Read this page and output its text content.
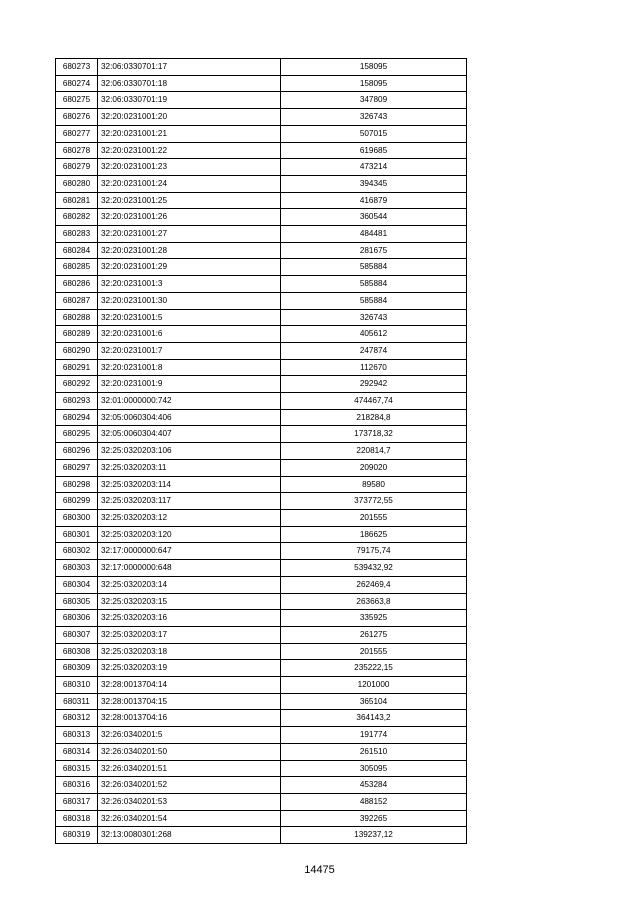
680273	32:06:0330701:17	158095
680274	32:06:0330701:18	158095
680275	32:06:0330701:19	347809
680276	32:20:0231001:20	326743
680277	32:20:0231001:21	507015
680278	32:20:0231001:22	619685
680279	32:20:0231001:23	473214
680280	32:20:0231001:24	394345
680281	32:20:0231001:25	416879
680282	32:20:0231001:26	360544
680283	32:20:0231001:27	484481
680284	32:20:0231001:28	281675
680285	32:20:0231001:29	585884
680286	32:20:0231001:3	585884
680287	32:20:0231001:30	585884
680288	32:20:0231001:5	326743
680289	32:20:0231001:6	405612
680290	32:20:0231001:7	247874
680291	32:20:0231001:8	112670
680292	32:20:0231001:9	292942
680293	32:01:0000000:742	474467,74
680294	32:05:0060304:406	218284,8
680295	32:05:0060304:407	173718,32
680296	32:25:0320203:106	220814,7
680297	32:25:0320203:11	209020
680298	32:25:0320203:114	89580
680299	32:25:0320203:117	373772,55
680300	32:25:0320203:12	201555
680301	32:25:0320203:120	186625
680302	32:17:0000000:647	79175,74
680303	32:17:0000000:648	539432,92
680304	32:25:0320203:14	262469,4
680305	32:25:0320203:15	263663,8
680306	32:25:0320203:16	335925
680307	32:25:0320203:17	261275
680308	32:25:0320203:18	201555
680309	32:25:0320203:19	235222,15
680310	32:28:0013704:14	1201000
680311	32:28:0013704:15	365104
680312	32:28:0013704:16	364143,2
680313	32:26:0340201:5	191774
680314	32:26:0340201:50	261510
680315	32:26:0340201:51	305095
680316	32:26:0340201:52	453284
680317	32:26:0340201:53	488152
680318	32:26:0340201:54	392265
680319	32:13:0080301:268	139237,12
14475
